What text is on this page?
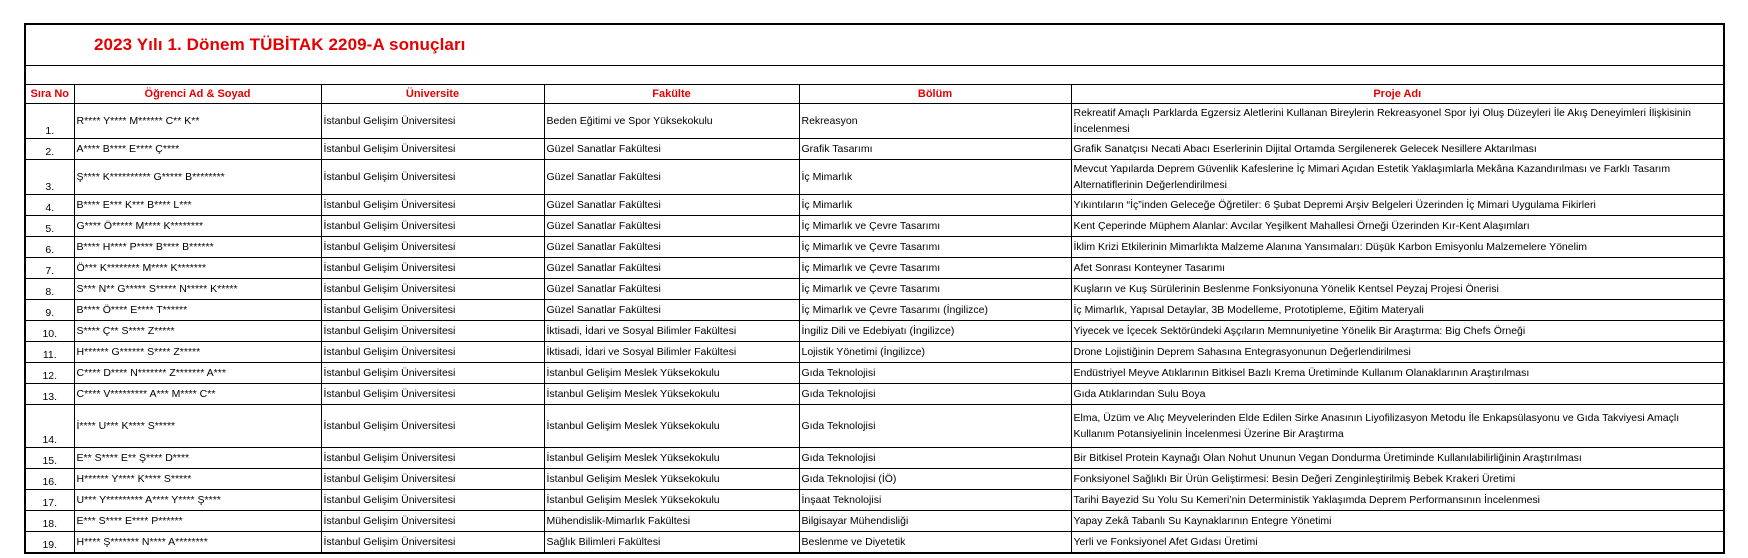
2023 Yılı 1. Dönem TÜBİTAK 2209-A sonuçları					

Sıra No	Öğrenci Ad & Soyad	Üniversite	Fakülte	Bölüm	Proje Adı
1.	R**** Y**** M****** C** K**	İstanbul Gelişim Üniversitesi	Beden Eğitimi ve Spor Yüksekokulu	Rekreasyon	Rekreatif Amaçlı Parklarda Egzersiz Aletlerini Kullanan Bireylerin Rekreasyonel Spor İyi Oluş Düzeyleri İle Akış Deneyimleri İlişkisinin İncelenmesi
2.	A**** B**** E**** Ç****	İstanbul Gelişim Üniversitesi	Güzel Sanatlar Fakültesi	Grafik Tasarımı	Grafik Sanatçısı Necati Abacı Eserlerinin Dijital Ortamda Sergilenerek Gelecek Nesillere Aktarılması
3.	Ş**** K********** G***** B********	İstanbul Gelişim Üniversitesi	Güzel Sanatlar Fakültesi	İç Mimarlık	Mevcut Yapılarda Deprem Güvenlik Kafeslerine İç Mimari Açıdan Estetik Yaklaşımlarla Mekâna Kazandırılması ve Farklı Tasarım Alternatiflerinin Değerlendirilmesi
4.	B**** E*** K*** B**** L***	İstanbul Gelişim Üniversitesi	Güzel Sanatlar Fakültesi	İç Mimarlık	Yıkıntıların “İç”inden Geleceğe Öğretiler: 6 Şubat Depremi Arşiv Belgeleri Üzerinden İç Mimari Uygulama Fikirleri
5.	G**** Ö***** M**** K********	İstanbul Gelişim Üniversitesi	Güzel Sanatlar Fakültesi	İç Mimarlık ve Çevre Tasarımı	Kent Çeperinde Müphem Alanlar: Avcılar Yeşilkent Mahallesi Örneği Üzerinden Kır-Kent Alaşımları
6.	B**** H**** P**** B**** B******	İstanbul Gelişim Üniversitesi	Güzel Sanatlar Fakültesi	İç Mimarlık ve Çevre Tasarımı	İklim Krizi Etkilerinin Mimarlıkta Malzeme Alanına Yansımaları: Düşük Karbon Emisyonlu Malzemelere Yönelim
7.	Ö*** K******** M**** K*******	İstanbul Gelişim Üniversitesi	Güzel Sanatlar Fakültesi	İç Mimarlık ve Çevre Tasarımı	Afet Sonrası Konteyner Tasarımı
8.	S*** N** G***** S***** N***** K*****	İstanbul Gelişim Üniversitesi	Güzel Sanatlar Fakültesi	İç Mimarlık ve Çevre Tasarımı	Kuşların ve Kuş Sürülerinin Beslenme Fonksiyonuna Yönelik Kentsel Peyzaj Projesi Önerisi
9.	B**** Ö**** E**** T******	İstanbul Gelişim Üniversitesi	Güzel Sanatlar Fakültesi	İç Mimarlık ve Çevre Tasarımı (İngilizce)	İç Mimarlık, Yapısal Detaylar, 3B Modelleme, Prototipleme, Eğitim Materyali
10.	S**** Ç** S**** Z*****	İstanbul Gelişim Üniversitesi	İktisadi, İdari ve Sosyal Bilimler Fakültesi	İngiliz Dili ve Edebiyatı (İngilizce)	Yiyecek ve İçecek Sektöründeki Aşçıların Memnuniyetine Yönelik Bir Araştırma: Big Chefs Örneği
11.	H****** G****** S**** Z*****	İstanbul Gelişim Üniversitesi	İktisadi, İdari ve Sosyal Bilimler Fakültesi	Lojistik Yönetimi (İngilizce)	Drone Lojistiğinin Deprem Sahasına Entegrasyonunun Değerlendirilmesi
12.	C**** D**** N******* Z******* A***	İstanbul Gelişim Üniversitesi	İstanbul Gelişim Meslek Yüksekokulu	Gıda Teknolojisi	Endüstriyel Meyve Atıklarının Bitkisel Bazlı Krema Üretiminde Kullanım Olanaklarının Araştırılması
13.	C**** V********* A*** M**** C**	İstanbul Gelişim Üniversitesi	İstanbul Gelişim Meslek Yüksekokulu	Gıda Teknolojisi	Gıda Atıklarından Sulu Boya
14.	İ**** U*** K**** S*****	İstanbul Gelişim Üniversitesi	İstanbul Gelişim Meslek Yüksekokulu	Gıda Teknolojisi	Elma, Üzüm ve Alıç Meyvelerinden Elde Edilen Sirke Anasının Liyofilizasyon Metodu İle Enkapsülasyonu ve Gıda Takviyesi Amaçlı Kullanım Potansiyelinin İncelenmesi Üzerine Bir Araştırma
15.	E** S**** E** Ş**** D****	İstanbul Gelişim Üniversitesi	İstanbul Gelişim Meslek Yüksekokulu	Gıda Teknolojisi	Bir Bitkisel Protein Kaynağı Olan Nohut Ununun Vegan Dondurma Üretiminde Kullanılabilirliğinin Araştırılması
16.	H****** Y**** K**** S*****	İstanbul Gelişim Üniversitesi	İstanbul Gelişim Meslek Yüksekokulu	Gıda Teknolojisi (İÖ)	Fonksiyonel Sağlıklı Bir Ürün Geliştirmesi: Besin Değeri Zenginleştirilmiş Bebek Krakeri Üretimi
17.	U*** Y********* A**** Y**** Ş****	İstanbul Gelişim Üniversitesi	İstanbul Gelişim Meslek Yüksekokulu	İnşaat Teknolojisi	Tarihi Bayezid Su Yolu Su Kemeri’nin Deterministik Yaklaşımda Deprem Performansının İncelenmesi
18.	E*** S**** E**** P******	İstanbul Gelişim Üniversitesi	Mühendislik-Mimarlık Fakültesi	Bilgisayar Mühendisliği	Yapay Zekâ Tabanlı Su Kaynaklarının Entegre Yönetimi
19.	H**** Ş******* N**** A********	İstanbul Gelişim Üniversitesi	Sağlık Bilimleri Fakültesi	Beslenme ve Diyetetik	Yerli ve Fonksiyonel Afet Gıdası Üretimi
